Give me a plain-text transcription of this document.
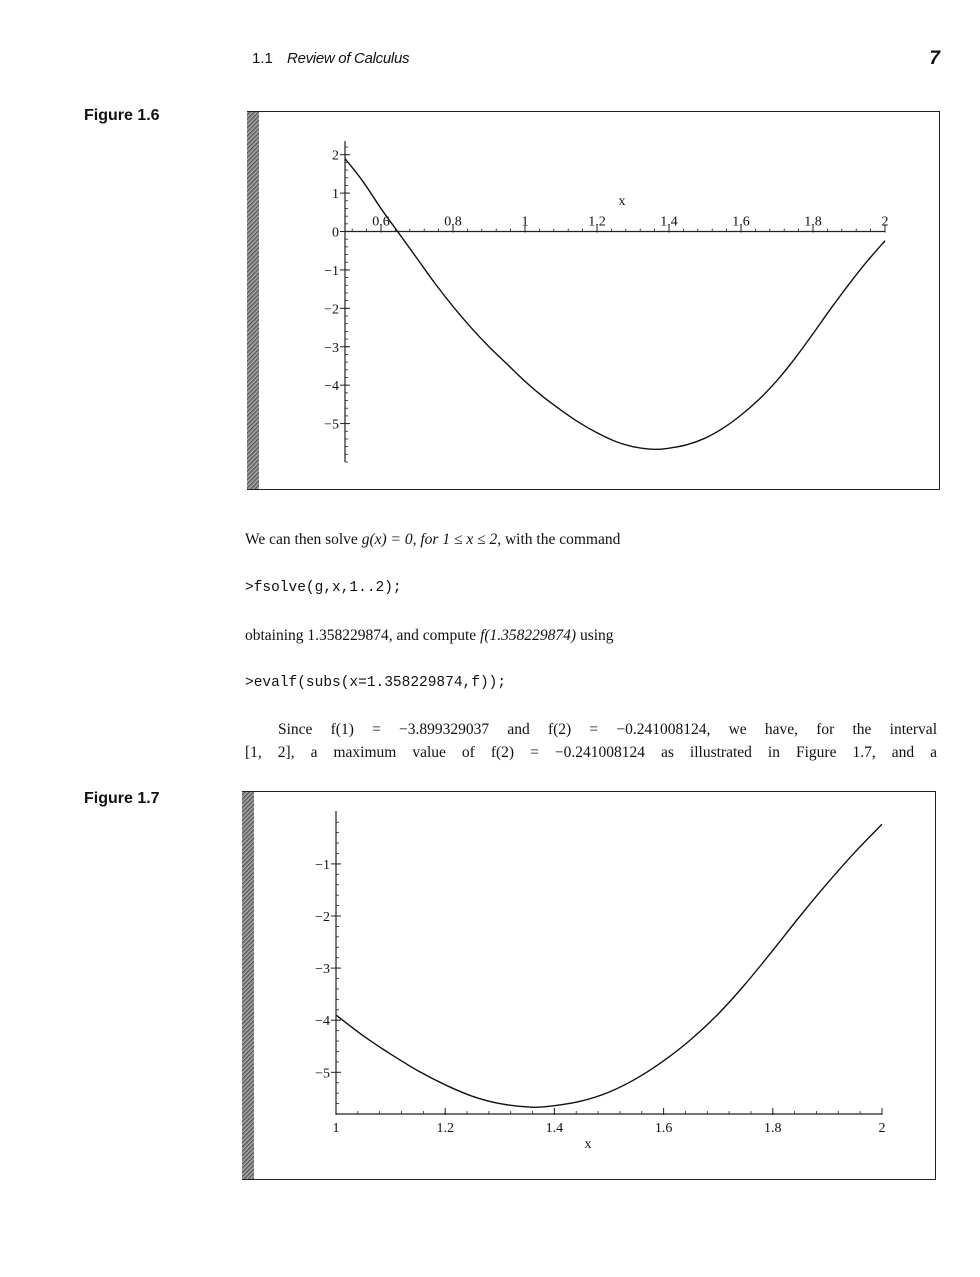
1.1 Review of Calculus	7
Figure 1.6
2
1
0
−1
−2
−3
−4
−5
0.6	0.8	1	1.2	1.4	1.6	1.8	2
x
We can then solve g(x) = 0, for 1 ≤ x ≤ 2, with the command
>fsolve(g,x,1..2);
obtaining 1.358229874, and compute f(1.358229874) using
>evalf(subs(x=1.358229874,f));
Since f(1) = −3.899329037 and f(2) = −0.241008124, we have, for the interval
[1, 2], a maximum value of f(2) = −0.241008124 as illustrated in Figure 1.7, and a
Figure 1.7
−1
−2
−3
−4
−5
1	1.2	1.4	1.6	1.8	2
x
